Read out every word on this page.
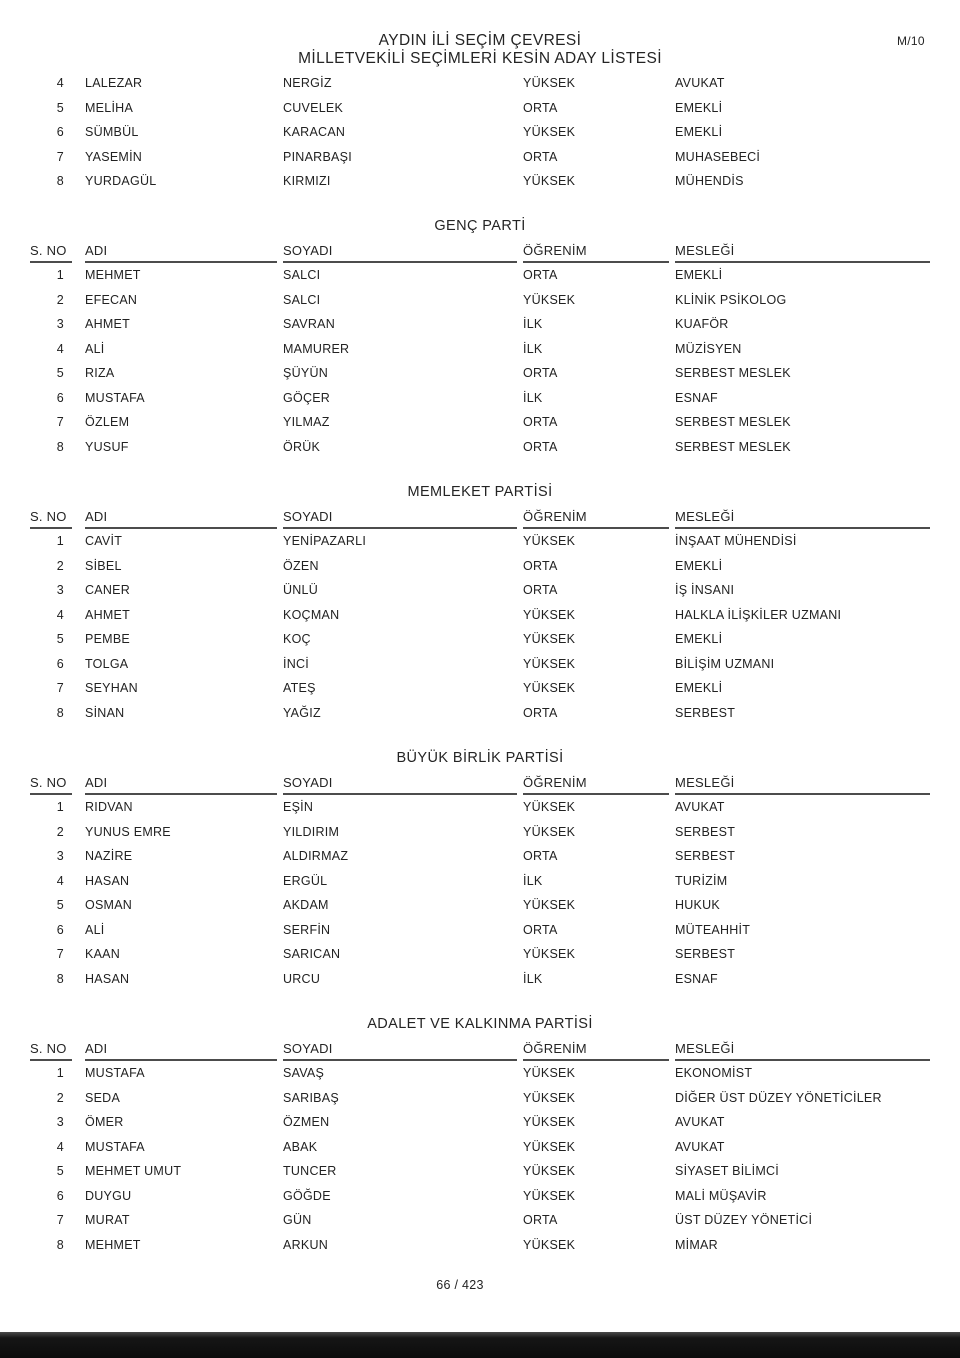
M/10
AYDIN İLİ SEÇİM ÇEVRESİ
MİLLETVEKİLİ SEÇİMLERİ KESİN ADAY LİSTESİ
4	LALEZAR	NERGİZ	YÜKSEK	AVUKAT
5	MELİHA	CUVELEK	ORTA	EMEKLİ
6	SÜMBÜL	KARACAN	YÜKSEK	EMEKLİ
7	YASEMİN	PINARBAŞI	ORTA	MUHASEBECİ
8	YURDAGÜL	KIRMIZI	YÜKSEK	MÜHENDİS
GENÇ PARTİ
S. NO	ADI	SOYADI	ÖĞRENİM	MESLEĞİ
1	MEHMET	SALCI	ORTA	EMEKLİ
2	EFECAN	SALCI	YÜKSEK	KLİNİK PSİKOLOG
3	AHMET	SAVRAN	İLK	KUAFÖR
4	ALİ	MAMURER	İLK	MÜZİSYEN
5	RIZA	ŞÜYÜN	ORTA	SERBEST MESLEK
6	MUSTAFA	GÖÇER	İLK	ESNAF
7	ÖZLEM	YILMAZ	ORTA	SERBEST MESLEK
8	YUSUF	ÖRÜK	ORTA	SERBEST MESLEK
MEMLEKET PARTİSİ
S. NO	ADI	SOYADI	ÖĞRENİM	MESLEĞİ
1	CAVİT	YENİPAZARLI	YÜKSEK	İNŞAAT MÜHENDİSİ
2	SİBEL	ÖZEN	ORTA	EMEKLİ
3	CANER	ÜNLÜ	ORTA	İŞ İNSANI
4	AHMET	KOÇMAN	YÜKSEK	HALKLA İLİŞKİLER UZMANI
5	PEMBE	KOÇ	YÜKSEK	EMEKLİ
6	TOLGA	İNCİ	YÜKSEK	BİLİŞİM UZMANI
7	SEYHAN	ATEŞ	YÜKSEK	EMEKLİ
8	SİNAN	YAĞIZ	ORTA	SERBEST
BÜYÜK BİRLİK PARTİSİ
S. NO	ADI	SOYADI	ÖĞRENİM	MESLEĞİ
1	RIDVAN	EŞİN	YÜKSEK	AVUKAT
2	YUNUS EMRE	YILDIRIM	YÜKSEK	SERBEST
3	NAZİRE	ALDIRMAZ	ORTA	SERBEST
4	HASAN	ERGÜL	İLK	TURİZİM
5	OSMAN	AKDAM	YÜKSEK	HUKUK
6	ALİ	SERFİN	ORTA	MÜTEAHHİT
7	KAAN	SARICAN	YÜKSEK	SERBEST
8	HASAN	URCU	İLK	ESNAF
ADALET VE KALKINMA PARTİSİ
S. NO	ADI	SOYADI	ÖĞRENİM	MESLEĞİ
1	MUSTAFA	SAVAŞ	YÜKSEK	EKONOMİST
2	SEDA	SARIBAŞ	YÜKSEK	DİĞER ÜST DÜZEY YÖNETİCİLER
3	ÖMER	ÖZMEN	YÜKSEK	AVUKAT
4	MUSTAFA	ABAK	YÜKSEK	AVUKAT
5	MEHMET UMUT	TUNCER	YÜKSEK	SİYASET BİLİMCİ
6	DUYGU	GÖĞDE	YÜKSEK	MALİ MÜŞAVİR
7	MURAT	GÜN	ORTA	ÜST DÜZEY YÖNETİCİ
8	MEHMET	ARKUN	YÜKSEK	MİMAR
66 / 423
